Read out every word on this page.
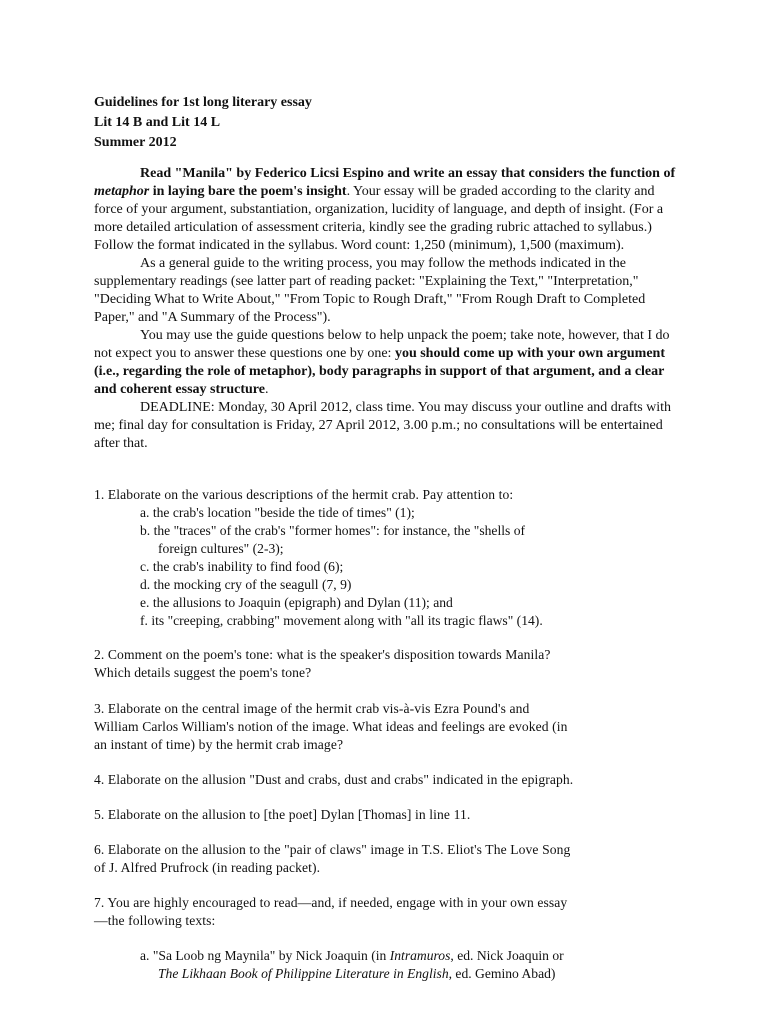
Guidelines for 1st long literary essay
Lit 14 B and Lit 14 L
Summer 2012

Read "Manila" by Federico Licsi Espino and write an essay that considers the function of metaphor in laying bare the poem's insight. Your essay will be graded according to the clarity and force of your argument, substantiation, organization, lucidity of language, and depth of insight. (For a more detailed articulation of assessment criteria, kindly see the grading rubric attached to syllabus.) Follow the format indicated in the syllabus. Word count: 1,250 (minimum), 1,500 (maximum).

As a general guide to the writing process, you may follow the methods indicated in the supplementary readings (see latter part of reading packet: "Explaining the Text," "Interpretation," "Deciding What to Write About," "From Topic to Rough Draft," "From Rough Draft to Completed Paper," and "A Summary of the Process").

You may use the guide questions below to help unpack the poem; take note, however, that I do not expect you to answer these questions one by one: you should come up with your own argument (i.e., regarding the role of metaphor), body paragraphs in support of that argument, and a clear and coherent essay structure.

DEADLINE: Monday, 30 April 2012, class time. You may discuss your outline and drafts with me; final day for consultation is Friday, 27 April 2012, 3.00 p.m.; no consultations will be entertained after that.

1. Elaborate on the various descriptions of the hermit crab. Pay attention to:
a. the crab's location "beside the tide of times" (1);
b. the "traces" of the crab's "former homes": for instance, the "shells of
foreign cultures" (2-3);
c. the crab's inability to find food (6);
d. the mocking cry of the seagull (7, 9)
e. the allusions to Joaquin (epigraph) and Dylan (11); and
f. its "creeping, crabbing" movement along with "all its tragic flaws" (14).
2. Comment on the poem's tone: what is the speaker's disposition towards Manila?
Which details suggest the poem's tone?
3. Elaborate on the central image of the hermit crab vis-à-vis Ezra Pound's and
William Carlos William's notion of the image. What ideas and feelings are evoked (in
an instant of time) by the hermit crab image?
4. Elaborate on the allusion "Dust and crabs, dust and crabs" indicated in the epigraph.
5. Elaborate on the allusion to [the poet] Dylan [Thomas] in line 11.
6. Elaborate on the allusion to the "pair of claws" image in T.S. Eliot's The Love Song
of J. Alfred Prufrock (in reading packet).
7. You are highly encouraged to read—and, if needed, engage with in your own essay
—the following texts:
a. "Sa Loob ng Maynila" by Nick Joaquin (in Intramuros, ed. Nick Joaquin or
The Likhaan Book of Philippine Literature in English, ed. Gemino Abad)
